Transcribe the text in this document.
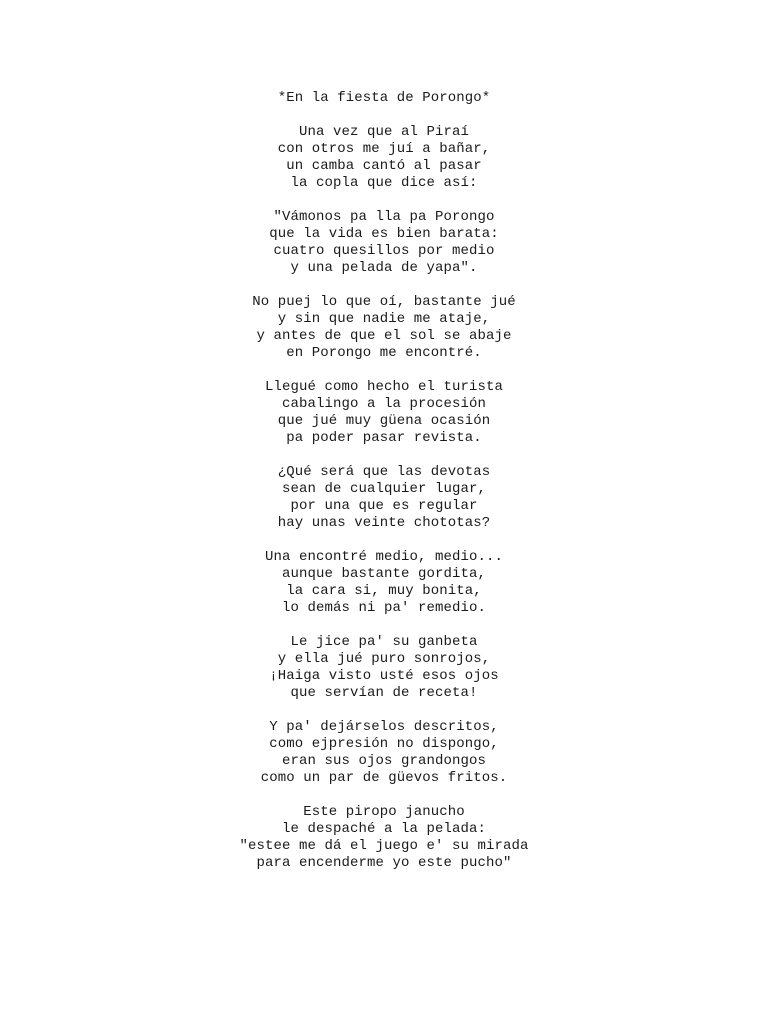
*En la fiesta de Porongo*
Una vez que al Piraí
con otros me juí a bañar,
un camba cantó al pasar
la copla que dice así:
"Vámonos pa lla pa Porongo
que la vida es bien barata:
cuatro quesillos por medio
y una pelada de yapa".
No puej lo que oí, bastante jué
y sin que nadie me ataje,
y antes de que el sol se abaje
en Porongo me encontré.
Llegué como hecho el turista
cabalingo a la procesión
que jué muy güena ocasión
pa poder pasar revista.
¿Qué será que las devotas
sean de cualquier lugar,
por una que es regular
hay unas veinte chototas?
Una encontré medio, medio...
aunque bastante gordita,
la cara si, muy bonita,
lo demás ni pa' remedio.
Le jice pa' su ganbeta
y ella jué puro sonrojos,
¡Haiga visto usté esos ojos
que servían de receta!
Y pa' dejárselos descritos,
como ejpresión no dispongo,
eran sus ojos grandongos
como un par de güevos fritos.
Este piropo janucho
le despaché a la pelada:
"estee me dá el juego e' su mirada
para encenderme yo este pucho"
